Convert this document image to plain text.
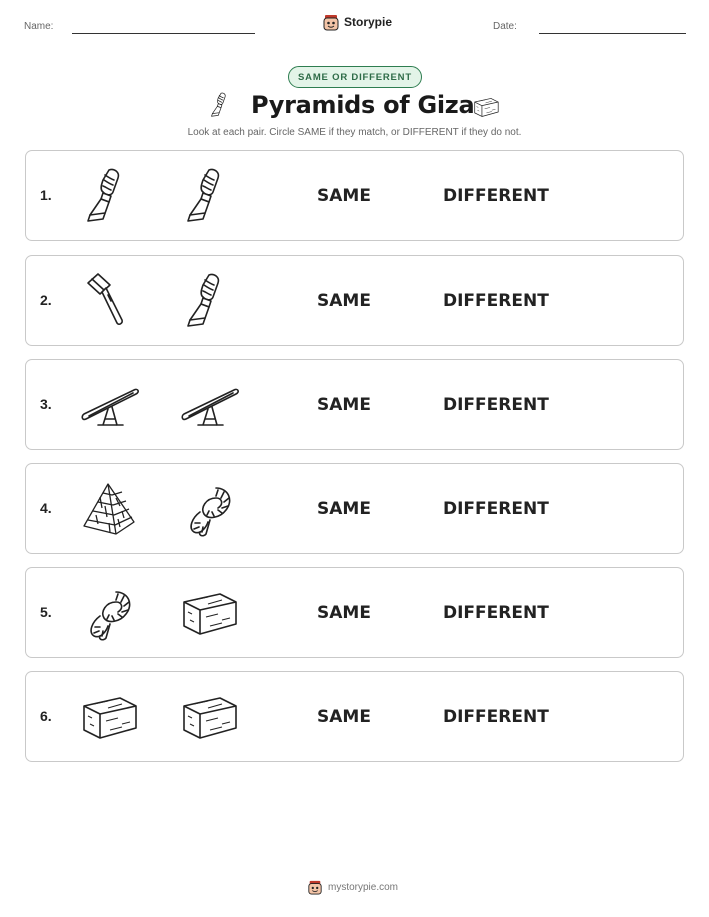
Name:	Storypie	Date:
SAME OR DIFFERENT
Pyramids of Giza
Look at each pair. Circle SAME if they match, or DIFFERENT if they do not.
1.	SAME	DIFFERENT
2.	SAME	DIFFERENT
3.	SAME	DIFFERENT
4.	SAME	DIFFERENT
5.	SAME	DIFFERENT
6.	SAME	DIFFERENT
mystorypie.com
